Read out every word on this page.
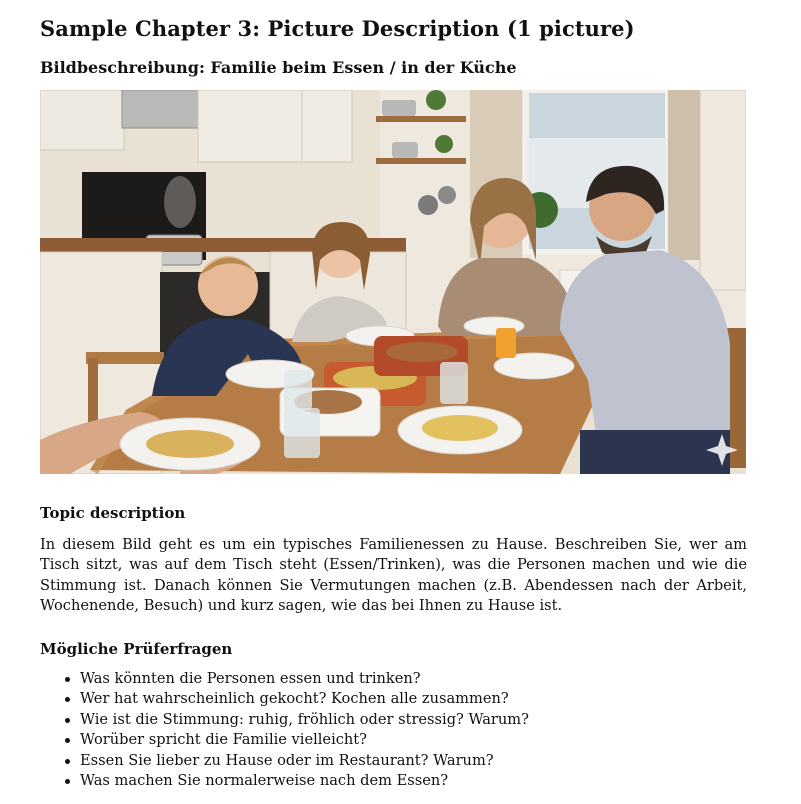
Sample Chapter 3: Picture Description (1 picture)
Bildbeschreibung: Familie beim Essen / in der Küche
Topic description

In diesem Bild geht es um ein typisches Familienessen zu Hause. Beschreiben Sie, wer am Tisch sitzt, was auf dem Tisch steht (Essen/Trinken), was die Personen machen und wie die Stimmung ist. Danach können Sie Vermutungen machen (z.B. Abendessen nach der Arbeit, Wochenende, Besuch) und kurz sagen, wie das bei Ihnen zu Hause ist.

Mögliche Prüferfragen
Was könnten die Personen essen und trinken?
Wer hat wahrscheinlich gekocht? Kochen alle zusammen?
Wie ist die Stimmung: ruhig, fröhlich oder stressig? Warum?
Worüber spricht die Familie vielleicht?
Essen Sie lieber zu Hause oder im Restaurant? Warum?
Was machen Sie normalerweise nach dem Essen?
